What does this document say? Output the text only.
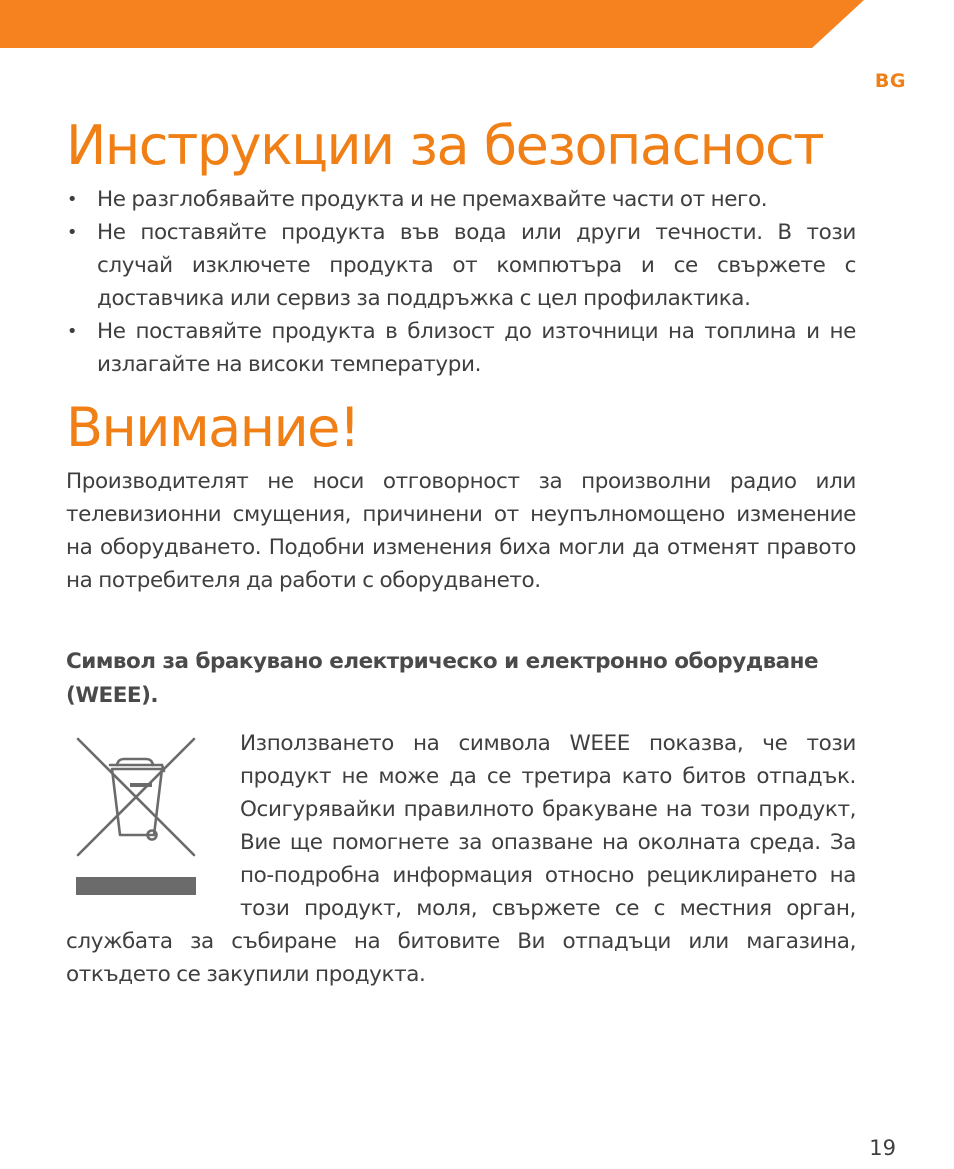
BG
Инструкции за безопасност
• Не разглобявайте продукта и не премахвайте части от него.
• Не поставяйте продукта във вода или други течности. В този случай изключете продукта от компютъра и се свържете с доставчика или сервиз за поддръжка с цел профилактика.
• Не поставяйте продукта в близост до източници на топлина и не излагайте на високи температури.
Внимание!

Производителят не носи отговорност за произволни радио или телевизионни смущения, причинени от неупълномощено изменение на оборудването. Подобни изменения биха могли да отменят правото на потребителя да работи с оборудването.

Символ за бракувано електрическо и електронно оборудване (WEEE).
Използването на символа WEEE показва, че този продукт не може да се третира като битов отпадък. Осигурявайки правилното бракуване на този продукт, Вие ще помогнете за опазване на околната среда. За по-подробна информация относно рециклирането на този продукт, моля, свържете се с местния орган, службата за събиране на битовите Ви отпадъци или магазина, откъдето се закупили продукта.
19
